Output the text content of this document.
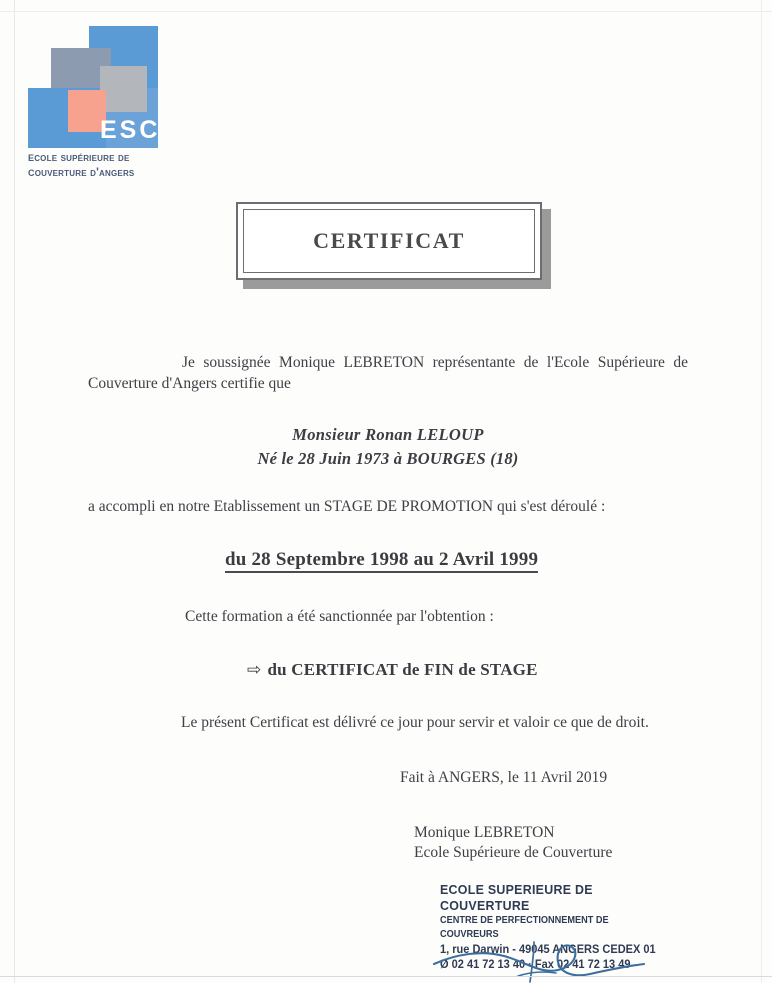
ESC
ecole supérieure de
couverture d'angers
CERTIFICAT
Je soussignée Monique LEBRETON représentante de l'Ecole Supérieure de Couverture d'Angers certifie que
Monsieur Ronan LELOUP
Né le 28 Juin 1973 à BOURGES (18)
a accompli en notre Etablissement un STAGE DE PROMOTION qui s'est déroulé :
du 28 Septembre 1998 au 2 Avril 1999
Cette formation a été sanctionnée par l'obtention :
⇨ du CERTIFICAT de FIN de STAGE
Le présent Certificat est délivré ce jour pour servir et valoir ce que de droit.
Fait à ANGERS, le 11 Avril 2019
Monique LEBRETON
Ecole Supérieure de Couverture
ECOLE SUPERIEURE DE COUVERTURE
CENTRE DE PERFECTIONNEMENT DE COUVREURS
1, rue Darwin - 49045 ANGERS CEDEX 01
Ø 02 41 72 13 40 · Fax 02 41 72 13 49
